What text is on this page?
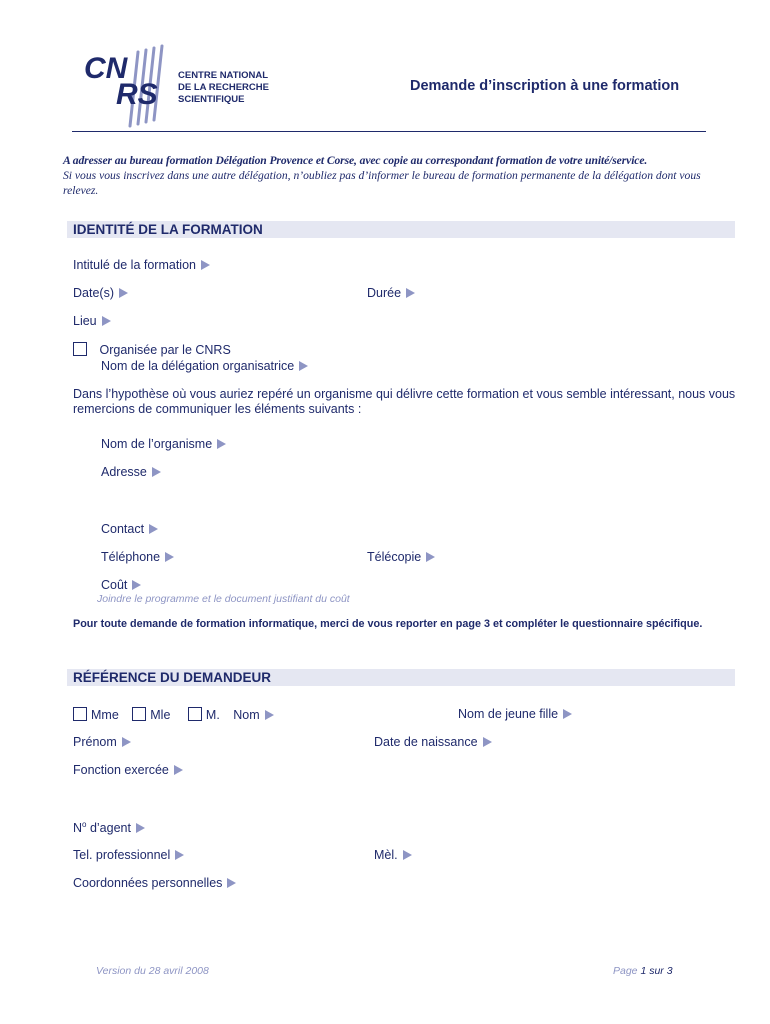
CN
RS
CENTRE NATIONAL
DE LA RECHERCHE
SCIENTIFIQUE
Demande d’inscription à une formation
A adresser au bureau formation Délégation Provence et Corse, avec copie au correspondant formation de votre unité/service.
Si vous vous inscrivez dans une autre délégation, n’oubliez pas d’informer le bureau de formation permanente de la délégation dont vous relevez.
IDENTITÉ DE LA FORMATION
Intitulé de la formation
Date(s)	Durée
Lieu
Organisée par le CNRS
Nom de la délégation organisatrice
Dans l’hypothèse où vous auriez repéré un organisme qui délivre cette formation et vous semble intéressant, nous vous remercions de communiquer les éléments suivants :
Nom de l’organisme
Adresse
Contact
Téléphone	Télécopie
Coût
Joindre le programme et le document justifiant du coût
Pour toute demande de formation informatique, merci de vous reporter en page 3 et compléter le questionnaire spécifique.
RÉFÉRENCE DU DEMANDEUR
Mme	Mle	M. Nom	Nom de jeune fille
Prénom	Date de naissance
Fonction exercée
$N^o$ d’agent
Tel. professionnel	Mèl.
Coordonnées personnelles
Version du 28 avril 2008	Page 1 sur 3
